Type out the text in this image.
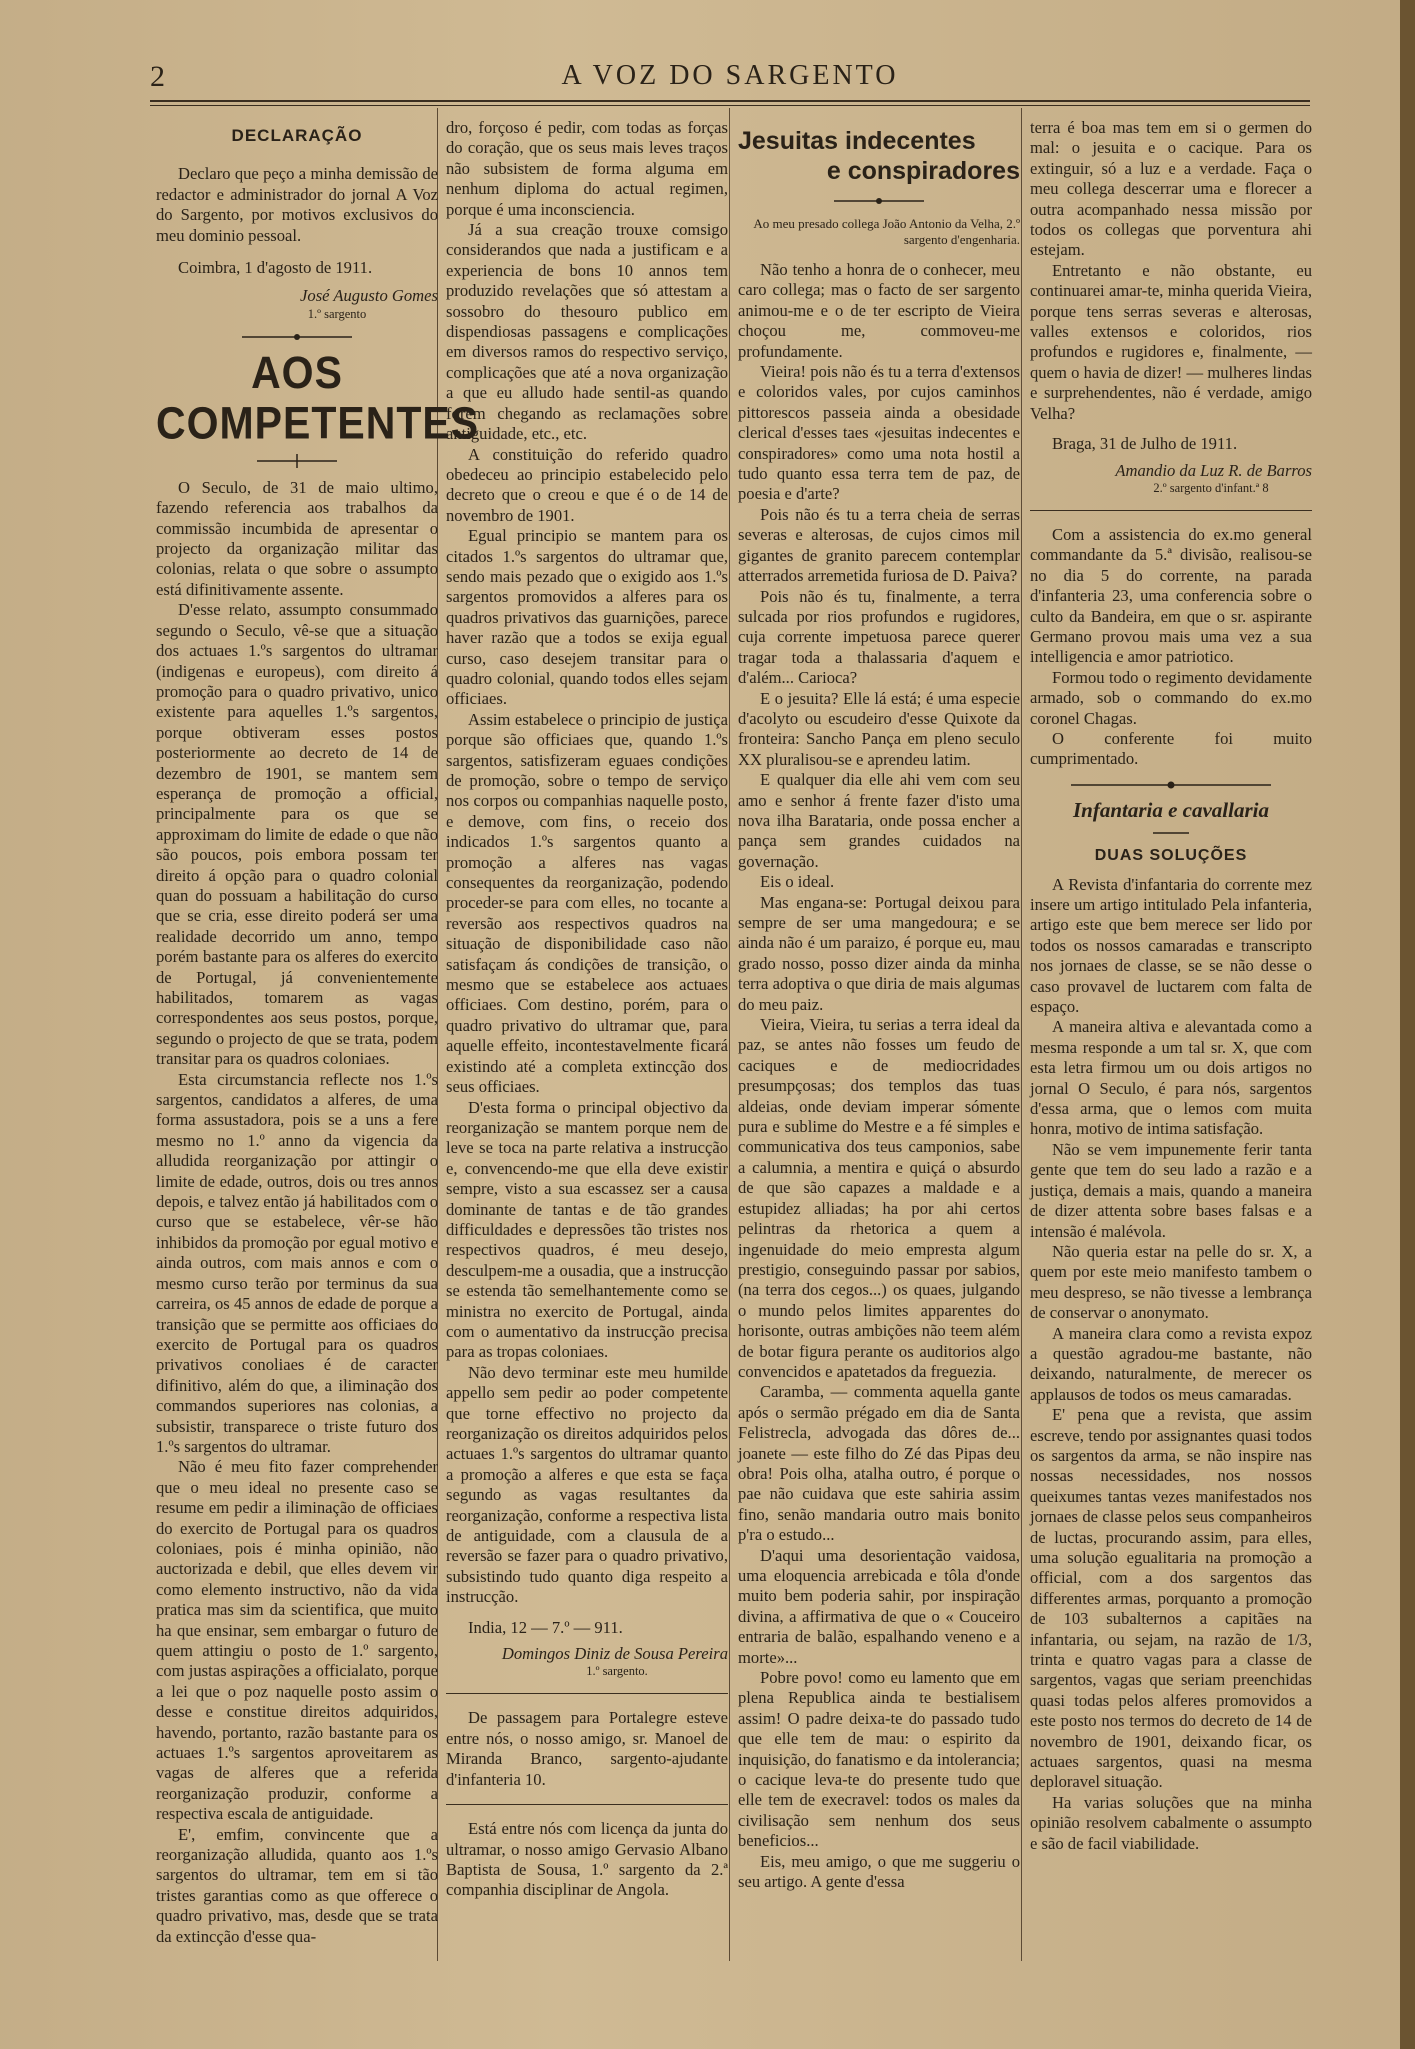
2	A VOZ DO SARGENTO
DECLARAÇÃO

Declaro que peço a minha demissão de redactor e administrador do jornal A Voz do Sargento, por motivos exclusivos do meu dominio pessoal.

Coimbra, 1 d'agosto de 1911.

José Augusto Gomes
1.º sargento
AOS COMPETENTES

O Seculo, de 31 de maio ultimo, fazendo referencia aos trabalhos da commissão incumbida de apresentar o projecto da organização militar das colonias, relata o que sobre o assumpto está difinitivamente assente.

D'esse relato, assumpto consummado segundo o Seculo, vê-se que a situação dos actuaes 1.ºs sargentos do ultramar (indigenas e europeus), com direito á promoção para o quadro privativo, unico existente para aquelles 1.ºs sargentos, porque obtiveram esses postos posteriormente ao decreto de 14 de dezembro de 1901, se mantem sem esperança de promoção a official, principalmente para os que se approximam do limite de edade o que não são poucos, pois embora possam ter direito á opção para o quadro colonial quan do possuam a habilitação do curso que se cria, esse direito poderá ser uma realidade decorrido um anno, tempo porém bastante para os alferes do exercito de Portugal, já convenientemente habilitados, tomarem as vagas correspondentes aos seus postos, porque, segundo o projecto de que se trata, podem transitar para os quadros coloniaes.

Esta circumstancia reflecte nos 1.ºs sargentos, candidatos a alferes, de uma forma assustadora, pois se a uns a fere mesmo no 1.º anno da vigencia da alludida reorganização por attingir o limite de edade, outros, dois ou tres annos depois, e talvez então já habilitados com o curso que se estabelece, vêr-se hão inhibidos da promoção por egual motivo e ainda outros, com mais annos e com o mesmo curso terão por terminus da sua carreira, os 45 annos de edade de porque a transição que se permitte aos officiaes do exercito de Portugal para os quadros privativos conoliaes é de caracter difinitivo, além do que, a iliminação dos commandos superiores nas colonias, a subsistir, transparece o triste futuro dos 1.ºs sargentos do ultramar.

Não é meu fito fazer comprehender que o meu ideal no presente caso se resume em pedir a iliminação de officiaes do exercito de Portugal para os quadros coloniaes, pois é minha opinião, não auctorizada e debil, que elles devem vir como elemento instructivo, não da vida pratica mas sim da scientifica, que muito ha que ensinar, sem embargar o futuro de quem attingiu o posto de 1.º sargento, com justas aspirações a officialato, porque a lei que o poz naquelle posto assim o desse e constitue direitos adquiridos, havendo, portanto, razão bastante para os actuaes 1.ºs sargentos aproveitarem as vagas de alferes que a referida reorganização produzir, conforme a respectiva escala de antiguidade.

E', emfim, convincente que a reorganização alludida, quanto aos 1.ºs sargentos do ultramar, tem em si tão tristes garantias como as que offerece o quadro privativo, mas, desde que se trata da extincção d'esse qua-

dro, forçoso é pedir, com todas as forças do coração, que os seus mais leves traços não subsistem de forma alguma em nenhum diploma do actual regimen, porque é uma inconsciencia.

Já a sua creação trouxe comsigo considerandos que nada a justificam e a experiencia de bons 10 annos tem produzido revelações que só attestam a sossobro do thesouro publico em dispendiosas passagens e complicações em diversos ramos do respectivo serviço, complicações que até a nova organização a que eu alludo hade sentil-as quando forem chegando as reclamações sobre antiguidade, etc., etc.

A constituição do referido quadro obedeceu ao principio estabelecido pelo decreto que o creou e que é o de 14 de novembro de 1901.

Egual principio se mantem para os citados 1.ºs sargentos do ultramar que, sendo mais pezado que o exigido aos 1.ºs sargentos promovidos a alferes para os quadros privativos das guarnições, parece haver razão que a todos se exija egual curso, caso desejem transitar para o quadro colonial, quando todos elles sejam officiaes.

Assim estabelece o principio de justiça porque são officiaes que, quando 1.ºs sargentos, satisfizeram eguaes condições de promoção, sobre o tempo de serviço nos corpos ou companhias naquelle posto, e demove, com fins, o receio dos indicados 1.ºs sargentos quanto a promoção a alferes nas vagas consequentes da reorganização, podendo proceder-se para com elles, no tocante a reversão aos respectivos quadros na situação de disponibilidade caso não satisfaçam ás condições de transição, o mesmo que se estabelece aos actuaes officiaes. Com destino, porém, para o quadro privativo do ultramar que, para aquelle effeito, incontestavelmente ficará existindo até a completa extincção dos seus officiaes.

D'esta forma o principal objectivo da reorganização se mantem porque nem de leve se toca na parte relativa a instrucção e, convencendo-me que ella deve existir sempre, visto a sua escassez ser a causa dominante de tantas e de tão grandes difficuldades e depressões tão tristes nos respectivos quadros, é meu desejo, desculpem-me a ousadia, que a instrucção se estenda tão semelhantemente como se ministra no exercito de Portugal, ainda com o aumentativo da instrucção precisa para as tropas coloniaes.

Não devo terminar este meu humilde appello sem pedir ao poder competente que torne effectivo no projecto da reorganização os direitos adquiridos pelos actuaes 1.ºs sargentos do ultramar quanto a promoção a alferes e que esta se faça segundo as vagas resultantes da reorganização, conforme a respectiva lista de antiguidade, com a clausula de a reversão se fazer para o quadro privativo, subsistindo tudo quanto diga respeito a instrucção.

India, 12 — 7.º — 911.

Domingos Diniz de Sousa Pereira
1.º sargento.

De passagem para Portalegre esteve entre nós, o nosso amigo, sr. Manoel de Miranda Branco, sargento-ajudante d'infanteria 10.

Está entre nós com licença da junta do ultramar, o nosso amigo Gervasio Albano Baptista de Sousa, 1.º sargento da 2.ª companhia disciplinar de Angola.

Jesuitas indecentes
e conspiradores
Ao meu presado collega João Antonio da Velha, 2.º sargento d'engenharia.

Não tenho a honra de o conhecer, meu caro collega; mas o facto de ser sargento animou-me e o de ter escripto de Vieira choçou me, commoveu-me profundamente.

Vieira! pois não és tu a terra d'extensos e coloridos vales, por cujos caminhos pittorescos passeia ainda a obesidade clerical d'esses taes «jesuitas indecentes e conspiradores» como uma nota hostil a tudo quanto essa terra tem de paz, de poesia e d'arte?

Pois não és tu a terra cheia de serras severas e alterosas, de cujos cimos mil gigantes de granito parecem contemplar atterrados arremetida furiosa de D. Paiva?

Pois não és tu, finalmente, a terra sulcada por rios profundos e rugidores, cuja corrente impetuosa parece querer tragar toda a thalassaria d'aquem e d'além... Carioca?

E o jesuita? Elle lá está; é uma especie d'acolyto ou escudeiro d'esse Quixote da fronteira: Sancho Pança em pleno seculo XX pluralisou-se e aprendeu latim.

E qualquer dia elle ahi vem com seu amo e senhor á frente fazer d'isto uma nova ilha Barataria, onde possa encher a pança sem grandes cuidados na governação.

Eis o ideal.

Mas engana-se: Portugal deixou para sempre de ser uma mangedoura; e se ainda não é um paraizo, é porque eu, mau grado nosso, posso dizer ainda da minha terra adoptiva o que diria de mais algumas do meu paiz.

Vieira, Vieira, tu serias a terra ideal da paz, se antes não fosses um feudo de caciques e de mediocridades presumpçosas; dos templos das tuas aldeias, onde deviam imperar sómente pura e sublime do Mestre e a fé simples e communicativa dos teus camponios, sabe a calumnia, a mentira e quiçá o absurdo de que são capazes a maldade e a estupidez alliadas; ha por ahi certos pelintras da rhetorica a quem a ingenuidade do meio empresta algum prestigio, conseguindo passar por sabios, (na terra dos cegos...) os quaes, julgando o mundo pelos limites apparentes do horisonte, outras ambições não teem além de botar figura perante os auditorios algo convencidos e apatetados da freguezia.

Caramba, — commenta aquella gante após o sermão prégado em dia de Santa Felistrecla, advogada das dôres de... joanete — este filho do Zé das Pipas deu obra! Pois olha, atalha outro, é porque o pae não cuidava que este sahiria assim fino, senão mandaria outro mais bonito p'ra o estudo...

D'aqui uma desorientação vaidosa, uma eloquencia arrebicada e tôla d'onde muito bem poderia sahir, por inspiração divina, a affirmativa de que o « Couceiro entraria de balão, espalhando veneno e a morte»...

Pobre povo! como eu lamento que em plena Republica ainda te bestialisem assim! O padre deixa-te do passado tudo que elle tem de mau: o espirito da inquisição, do fanatismo e da intolerancia; o cacique leva-te do presente tudo que elle tem de execravel: todos os males da civilisação sem nenhum dos seus beneficios...

Eis, meu amigo, o que me suggeriu o seu artigo. A gente d'essa

terra é boa mas tem em si o germen do mal: o jesuita e o cacique. Para os extinguir, só a luz e a verdade. Faça o meu collega descerrar uma e florecer a outra acompanhado nessa missão por todos os collegas que porventura ahi estejam.

Entretanto e não obstante, eu continuarei amar-te, minha querida Vieira, porque tens serras severas e alterosas, valles extensos e coloridos, rios profundos e rugidores e, finalmente, — quem o havia de dizer! — mulheres lindas e surprehendentes, não é verdade, amigo Velha?

Braga, 31 de Julho de 1911.

Amandio da Luz R. de Barros
2.º sargento d'infant.ª 8

Com a assistencia do ex.mo general commandante da 5.ª divisão, realisou-se no dia 5 do corrente, na parada d'infanteria 23, uma conferencia sobre o culto da Bandeira, em que o sr. aspirante Germano provou mais uma vez a sua intelligencia e amor patriotico.

Formou todo o regimento devidamente armado, sob o commando do ex.mo coronel Chagas.

O conferente foi muito cumprimentado.

Infantaria e cavallaria
DUAS SOLUÇÕES

A Revista d'infantaria do corrente mez insere um artigo intitulado Pela infanteria, artigo este que bem merece ser lido por todos os nossos camaradas e transcripto nos jornaes de classe, se se não desse o caso provavel de luctarem com falta de espaço.

A maneira altiva e alevantada como a mesma responde a um tal sr. X, que com esta letra firmou um ou dois artigos no jornal O Seculo, é para nós, sargentos d'essa arma, que o lemos com muita honra, motivo de intima satisfação.

Não se vem impunemente ferir tanta gente que tem do seu lado a razão e a justiça, demais a mais, quando a maneira de dizer attenta sobre bases falsas e a intensão é malévola.

Não queria estar na pelle do sr. X, a quem por este meio manifesto tambem o meu despreso, se não tivesse a lembrança de conservar o anonymato.

A maneira clara como a revista expoz a questão agradou-me bastante, não deixando, naturalmente, de merecer os applausos de todos os meus camaradas.

E' pena que a revista, que assim escreve, tendo por assignantes quasi todos os sargentos da arma, se não inspire nas nossas necessidades, nos nossos queixumes tantas vezes manifestados nos jornaes de classe pelos seus companheiros de luctas, procurando assim, para elles, uma solução egualitaria na promoção a official, com a dos sargentos das differentes armas, porquanto a promoção de 103 subalternos a capitães na infantaria, ou sejam, na razão de 1/3, trinta e quatro vagas para a classe de sargentos, vagas que seriam preenchidas quasi todas pelos alferes promovidos a este posto nos termos do decreto de 14 de novembro de 1901, deixando ficar, os actuaes sargentos, quasi na mesma deploravel situação.

Ha varias soluções que na minha opinião resolvem cabalmente o assumpto e são de facil viabilidade.
